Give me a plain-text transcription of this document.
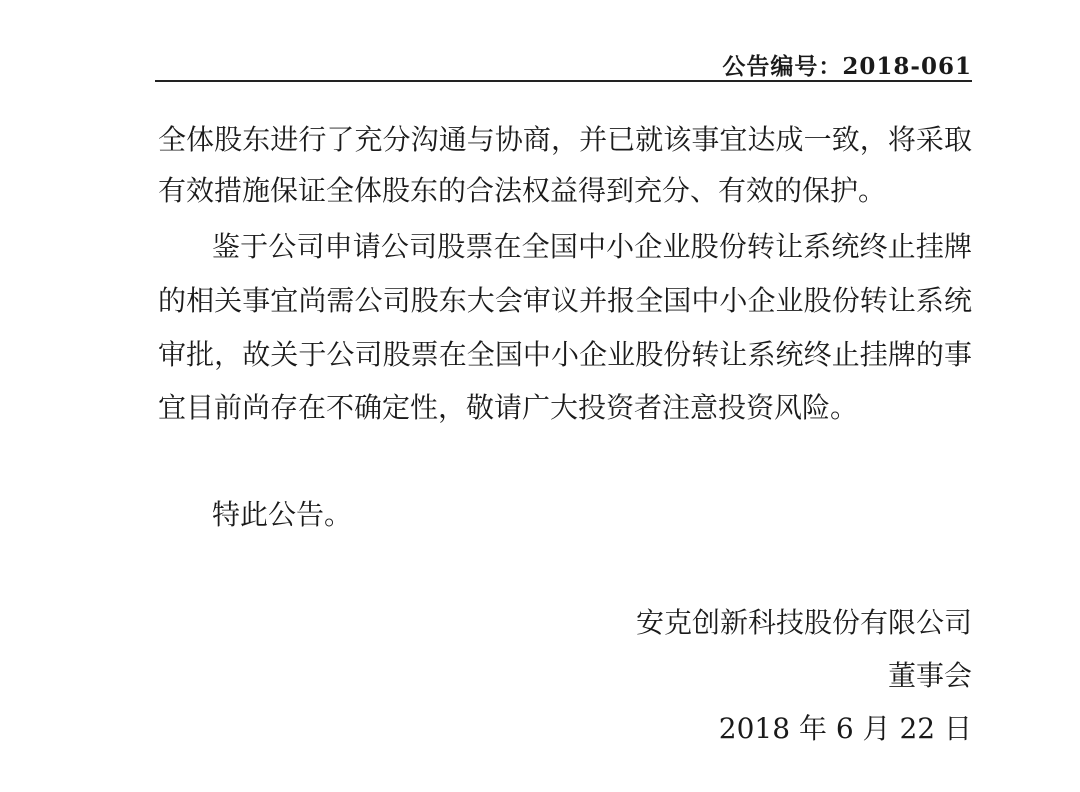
公告编号：2018-061
全体股东进行了充分沟通与协商，并已就该事宜达成一致，将采取
有效措施保证全体股东的合法权益得到充分、有效的保护。
鉴于公司申请公司股票在全国中小企业股份转让系统终止挂牌
的相关事宜尚需公司股东大会审议并报全国中小企业股份转让系统
审批，故关于公司股票在全国中小企业股份转让系统终止挂牌的事
宜目前尚存在不确定性，敬请广大投资者注意投资风险。
特此公告。
安克创新科技股份有限公司
董事会
2018 年 6 月 22 日
